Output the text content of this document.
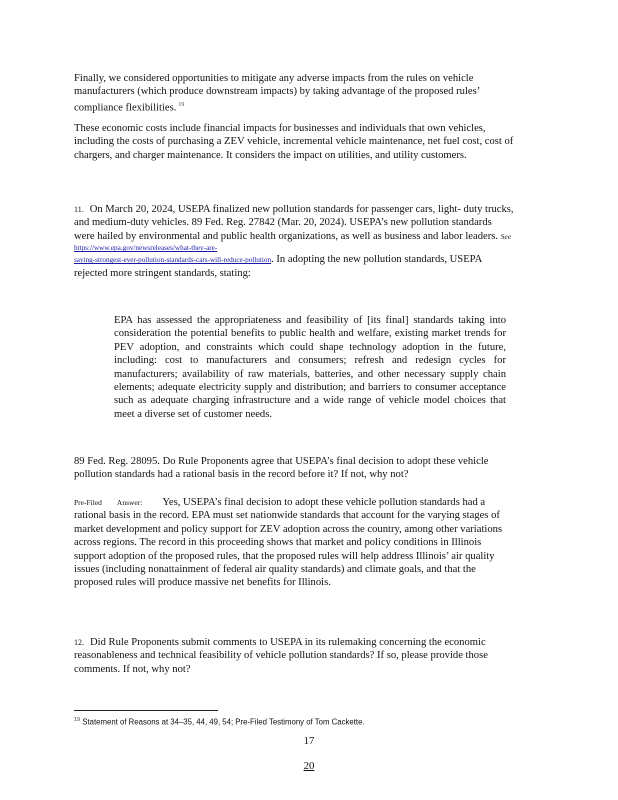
Finally, we considered opportunities to mitigate any adverse impacts from the rules on vehicle manufacturers (which produce downstream impacts) by taking advantage of the proposed rules’ compliance flexibilities. $^{19}$
These economic costs include financial impacts for businesses and individuals that own vehicles, including the costs of purchasing a ZEV vehicle, incremental vehicle maintenance, net fuel cost, cost of chargers, and charger maintenance. It considers the impact on utilities, and utility customers.
11. On March 20, 2024, USEPA finalized new pollution standards for passenger cars, light- duty trucks, and medium-duty vehicles. 89 Fed. Reg. 27842 (Mar. 20, 2024). USEPA’s new pollution standards were hailed by environmental and public health organizations, as well as business and labor leaders. See
https://www.epa.gov/newsreleases/what-they-are-
saying-strongest-ever-pollution-standards-cars-will-reduce-pollution. In adopting the new pollution standards, USEPA rejected more stringent standards, stating:
EPA has assessed the appropriateness and feasibility of [its final] standards taking into consideration the potential benefits to public health and welfare, existing market trends for PEV adoption, and constraints which could shape technology adoption in the future, including: cost to manufacturers and consumers; refresh and redesign cycles for manufacturers; availability of raw materials, batteries, and other necessary supply chain elements; adequate electricity supply and distribution; and barriers to consumer acceptance such as adequate charging infrastructure and a wide range of vehicle model choices that meet a diverse set of customer needs.
89 Fed. Reg. 28095. Do Rule Proponents agree that USEPA’s final decision to adopt these vehicle pollution standards had a rational basis in the record before it? If not, why not?
Pre-Filed Answer: Yes, USEPA’s final decision to adopt these vehicle pollution standards had a rational basis in the record. EPA must set nationwide standards that account for the varying stages of market development and policy support for ZEV adoption across the country, among other variations across regions. The record in this proceeding shows that market and policy conditions in Illinois support adoption of the proposed rules, that the proposed rules will help address Illinois’ air quality issues (including nonattainment of federal air quality standards) and climate goals, and that the proposed rules will produce massive net benefits for Illinois.
12. Did Rule Proponents submit comments to USEPA in its rulemaking concerning the economic reasonableness and technical feasibility of vehicle pollution standards? If so, please provide those comments. If not, why not?
$^{19}$ Statement of Reasons at 34–35, 44, 49, 54; Pre-Filed Testimony of Tom Cackette.
17
20
